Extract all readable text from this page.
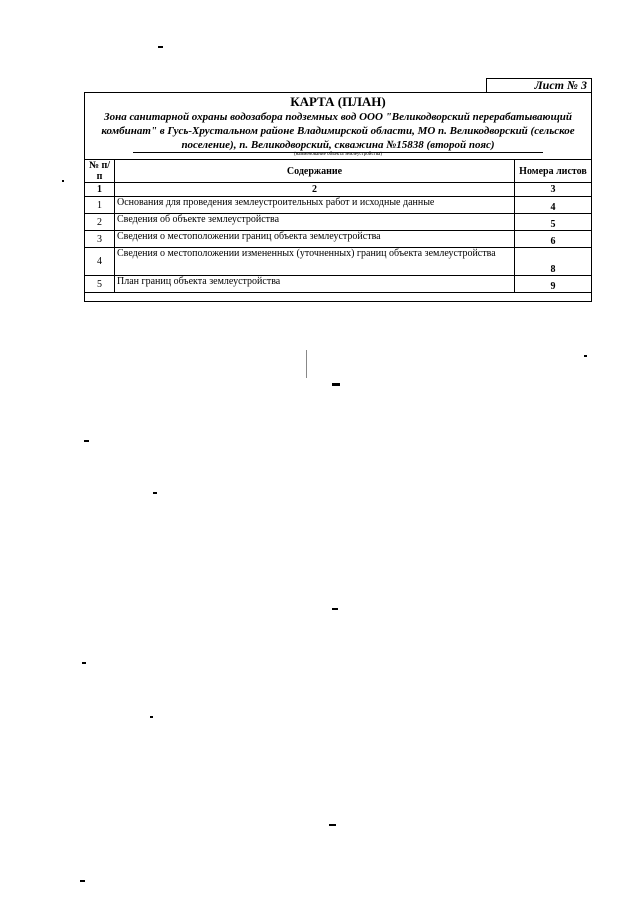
Лист № 3
КАРТА (ПЛАН)
Зона санитарной охраны водозабора подземных вод ООО "Великодворский перерабатывающий комбинат" в Гусь-Хрустальном районе Владимирской области, МО п. Великодворский (сельское поселение), п. Великодворский, скважина №15838 (второй пояс)
(наименование объекта землеустройства)
№ п/п	Содержание	Номера листов
1	2	3
1	Основания для проведения землеустроительных работ и исходные данные	4
2	Сведения об объекте землеустройства	5
3	Сведения о местоположении границ объекта землеустройства	6
4	Сведения о местоположении измененных (уточненных) границ объекта землеустройства	8
5	План границ объекта землеустройства	9
